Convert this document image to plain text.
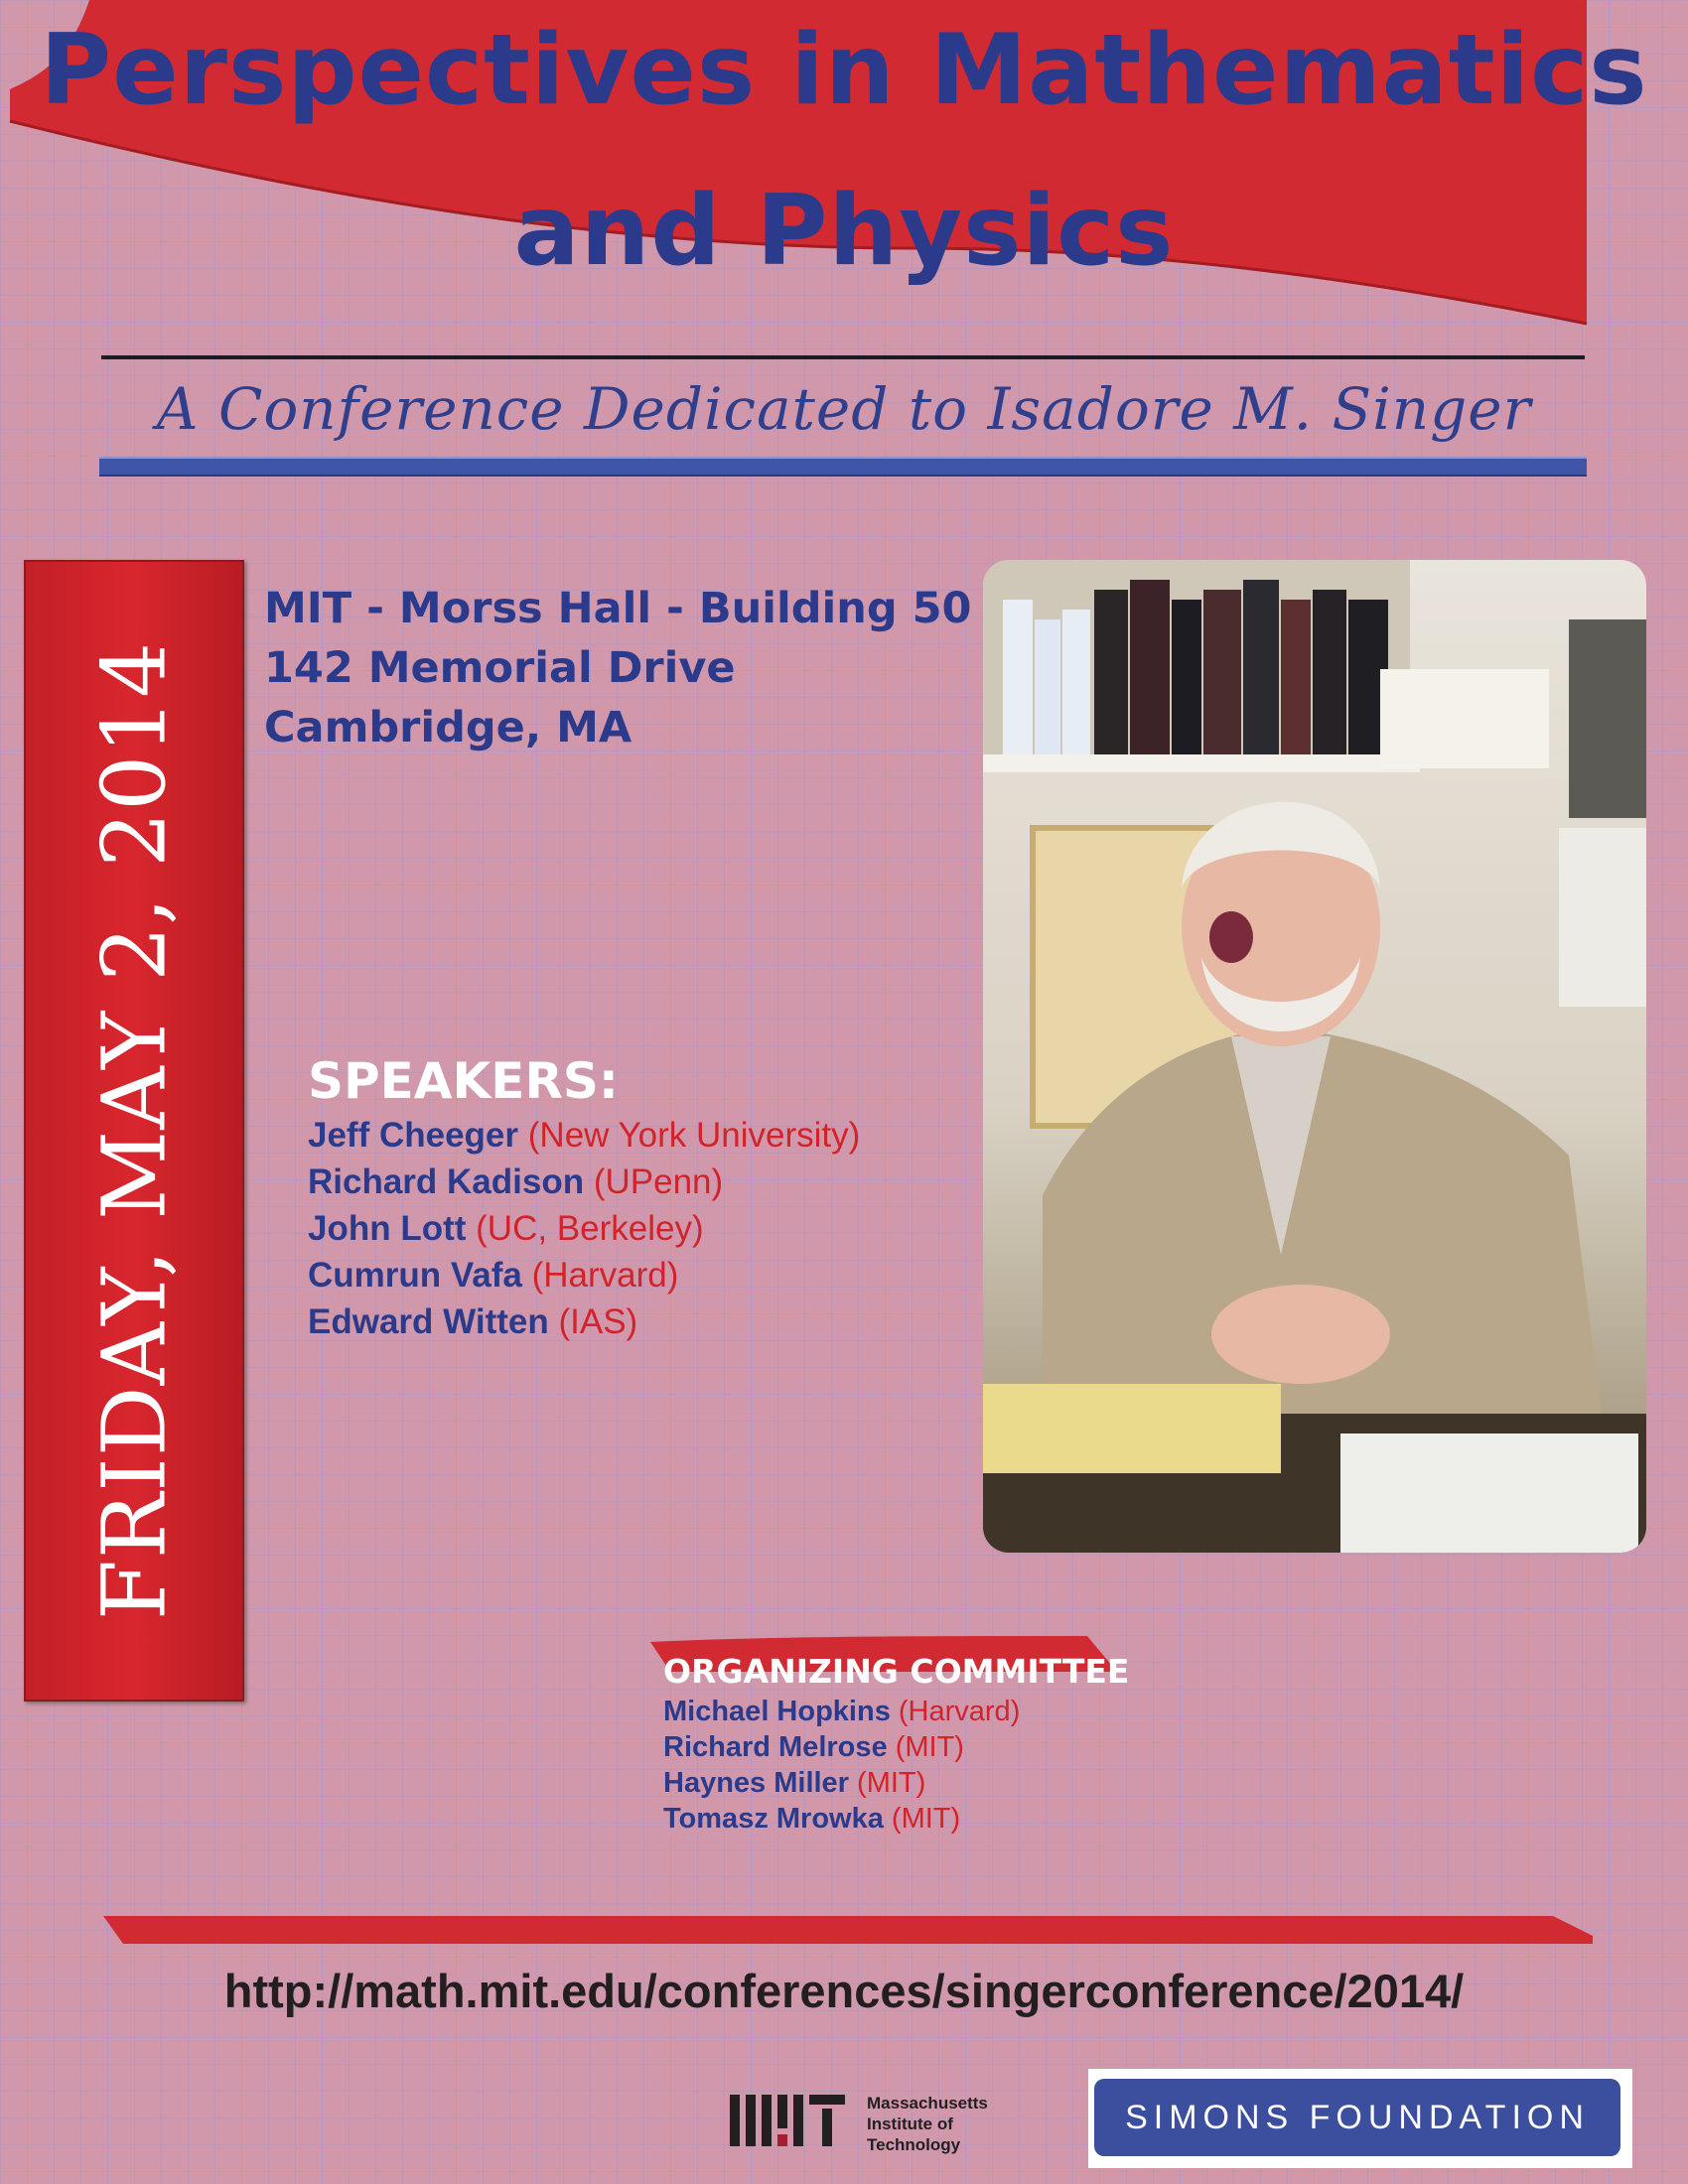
Perspectives in Mathematics
and Physics
A Conference Dedicated to Isadore M. Singer
FRIDAY, MAY 2, 2014
MIT - Morss Hall - Building 50
142 Memorial Drive
Cambridge, MA
SPEAKERS:
Jeff Cheeger (New York University)
Richard Kadison (UPenn)
John Lott (UC, Berkeley)
Cumrun Vafa (Harvard)
Edward Witten (IAS)
ORGANIZING COMMITTEE
Michael Hopkins (Harvard)
Richard Melrose (MIT)
Haynes Miller (MIT)
Tomasz Mrowka (MIT)
http://math.mit.edu/conferences/singerconference/2014/
Massachusetts
Institute of
Technology
SIMONS FOUNDATION
